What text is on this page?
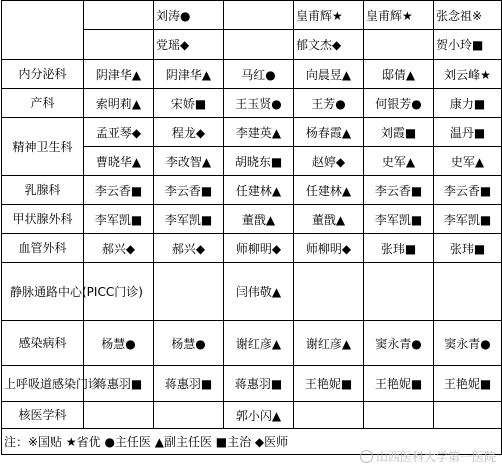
		刘涛●		皇甫辉★	皇甫辉★	张念祖※
		党瑶◆		郁文杰◆		贺小玲■
内分泌科	阴津华▲	阴津华▲	马红●	向晨昱▲	邸倩▲	刘云峰★
产科	索明莉▲	宋娇■	王玉贤●	王芳●	何银芳●	康力■
精神卫生科	孟亚琴◆	程龙◆	李建英▲	杨春霞▲	刘霞■	温丹■
	曹晓华▲	李改智▲	胡晓东■	赵婷◆	史军▲	史军▲
乳腺科	李云香■	李云香■	任建林▲	任建林▲	李云香■	李云香■
甲状腺外科	李军凯■	李军凯■	董戬▲	董戬▲	李军凯■	李军凯■
血管外科	郝兴◆	郝兴◆	师柳明◆	师柳明◆	张玮■	张玮■
静脉通路中心(PICC门诊)			闫伟敬▲			
感染病科	杨慧●	杨慧●	谢红彦▲	谢红彦▲	窦永青●	窦永青●
上呼吸道感染门诊	蒋惠羽■	蒋惠羽■	蒋惠羽■	王艳妮■	王艳妮■	王艳妮■
核医学科			郭小闪▲			
注：※国贴 ★省优 ●主任医 ▲副主任医 ■主治 ◆医师						
山西医科大学第一医院
